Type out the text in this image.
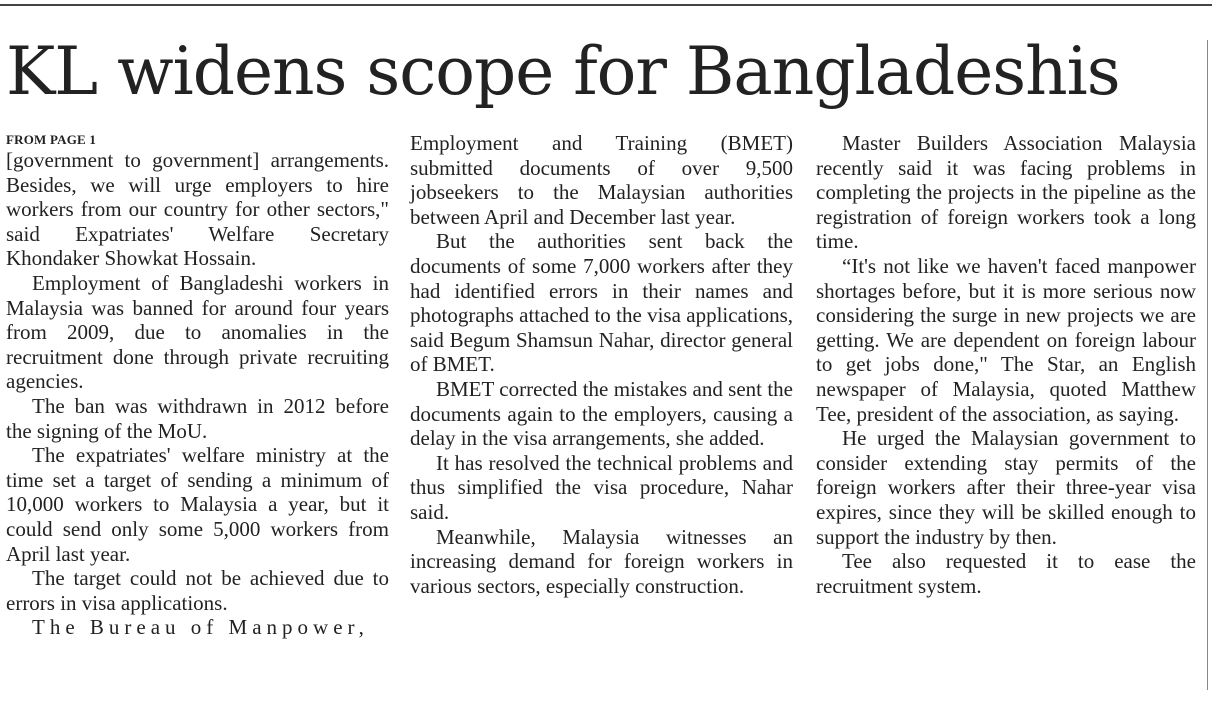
KL widens scope for Bangladeshis
FROM PAGE 1

[government to government] arrangements. Besides, we will urge employers to hire workers from our country for other sectors," said Expatriates' Welfare Secretary Khondaker Showkat Hossain.

Employment of Bangladeshi workers in Malaysia was banned for around four years from 2009, due to anomalies in the recruitment done through private recruiting agencies.

The ban was withdrawn in 2012 before the signing of the MoU.

The expatriates' welfare ministry at the time set a target of sending a minimum of 10,000 workers to Malaysia a year, but it could send only some 5,000 workers from April last year.

The target could not be achieved due to errors in visa applications.

The Bureau of Manpower,

Employment and Training (BMET) submitted documents of over 9,500 jobseekers to the Malaysian authorities between April and December last year.

But the authorities sent back the documents of some 7,000 workers after they had identified errors in their names and photographs attached to the visa applications, said Begum Shamsun Nahar, director general of BMET.

BMET corrected the mistakes and sent the documents again to the employers, causing a delay in the visa arrangements, she added.

It has resolved the technical problems and thus simplified the visa procedure, Nahar said.

Meanwhile, Malaysia witnesses an increasing demand for foreign workers in various sectors, especially construction.

Master Builders Association Malaysia recently said it was facing problems in completing the projects in the pipeline as the registration of foreign workers took a long time.

“It's not like we haven't faced manpower shortages before, but it is more serious now considering the surge in new projects we are getting. We are dependent on foreign labour to get jobs done," The Star, an English newspaper of Malaysia, quoted Matthew Tee, president of the association, as saying.

He urged the Malaysian government to consider extending stay permits of the foreign workers after their three-year visa expires, since they will be skilled enough to support the industry by then.

Tee also requested it to ease the recruitment system.
